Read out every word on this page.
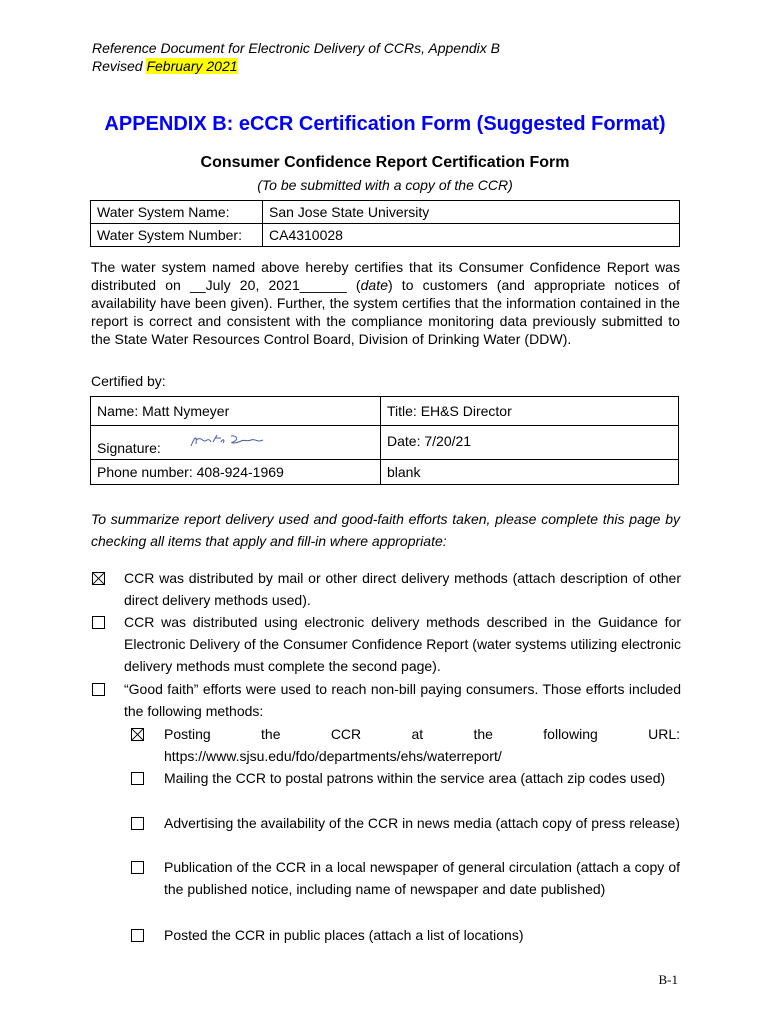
Reference Document for Electronic Delivery of CCRs, Appendix B
Revised February 2021
APPENDIX B: eCCR Certification Form (Suggested Format)
Consumer Confidence Report Certification Form
(To be submitted with a copy of the CCR)
Water System Name:	San Jose State University
Water System Number:	CA4310028
The water system named above hereby certifies that its Consumer Confidence Report was distributed on __July 20, 2021______ (date) to customers (and appropriate notices of availability have been given). Further, the system certifies that the information contained in the report is correct and consistent with the compliance monitoring data previously submitted to the State Water Resources Control Board, Division of Drinking Water (DDW).
Certified by:
Name: Matt Nymeyer	Title: EH&S Director

Signature:	Date: 7/20/21
Phone number: 408-924-1969	blank
To summarize report delivery used and good-faith efforts taken, please complete this page by checking all items that apply and fill-in where appropriate:
CCR was distributed by mail or other direct delivery methods (attach description of other direct delivery methods used).
CCR was distributed using electronic delivery methods described in the Guidance for Electronic Delivery of the Consumer Confidence Report (water systems utilizing electronic delivery methods must complete the second page).
“Good faith” efforts were used to reach non-bill paying consumers. Those efforts included the following methods:
Posting the CCR at the following URL:
https://www.sjsu.edu/fdo/departments/ehs/waterreport/
Mailing the CCR to postal patrons within the service area (attach zip codes used)
Advertising the availability of the CCR in news media (attach copy of press release)
Publication of the CCR in a local newspaper of general circulation (attach a copy of the published notice, including name of newspaper and date published)
Posted the CCR in public places (attach a list of locations)
B-1
